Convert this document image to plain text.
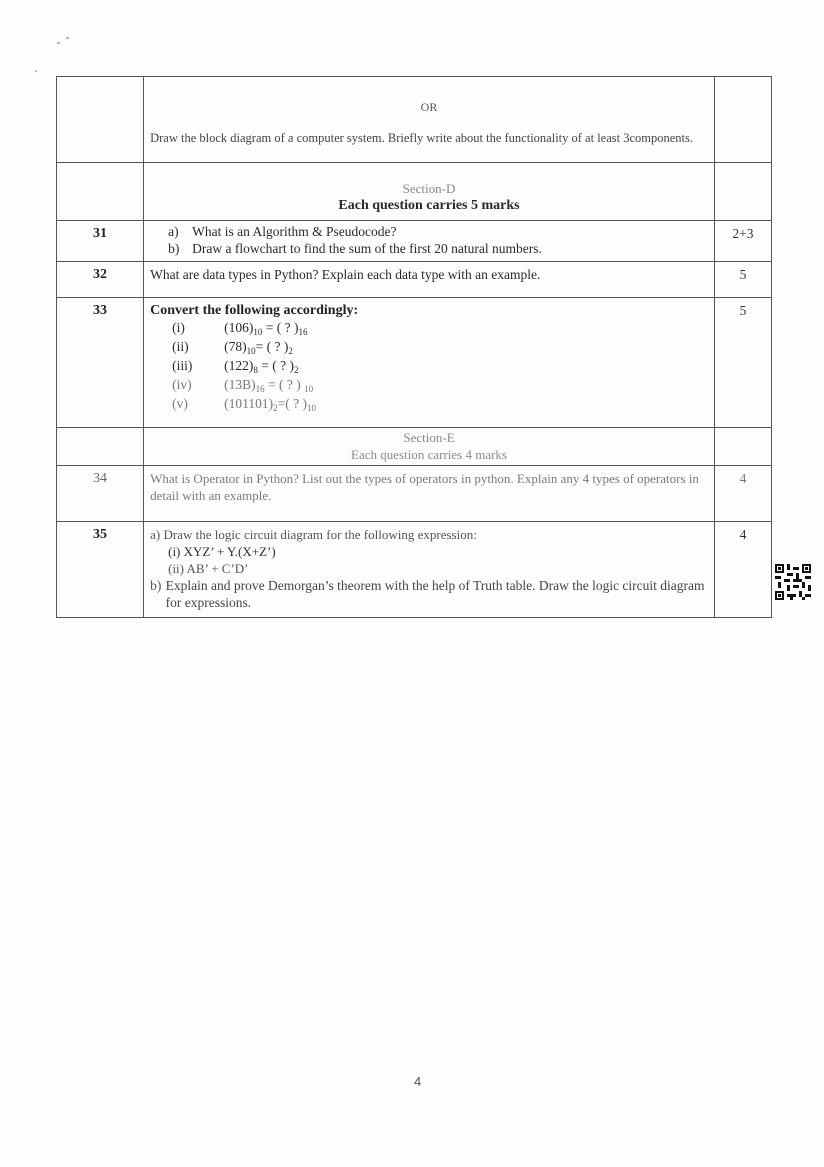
	OR
Draw the block diagram of a computer system. Briefly write about the functionality of at least 3components.	

	Section-D
Each question carries 5 marks	

31	a) What is an Algorithm & Pseudocode?
b) Draw a flowchart to find the sum of the first 20 natural numbers.	2+3
32	What are data types in Python? Explain each data type with an example.	5
33	Convert the following accordingly:
(i)	$(106)_{10}$ = ( ? )$_{16}$
(ii)	$(78)_{10}=$ ( ? )$_2$
(iii)	$(122)_8$ = ( ? )$_2$
(iv)	$(13B)_{16}$ = ( ? ) $_{10}$
(v)	$(101101)_2=$( ? )$_{10}$
	5

	Section-E
Each question carries 4 marks	

34	What is Operator in Python? List out the types of operators in python. Explain any 4 types of operators in detail with an example.	4
35	a) Draw the logic circuit diagram for the following expression:
(i) XYZ’ + Y.(X+Z’)
(ii) AB’ + C’D’
b) Explain and prove Demorgan’s theorem with the help of Truth table. Draw the logic circuit diagram for expressions.	4
4
